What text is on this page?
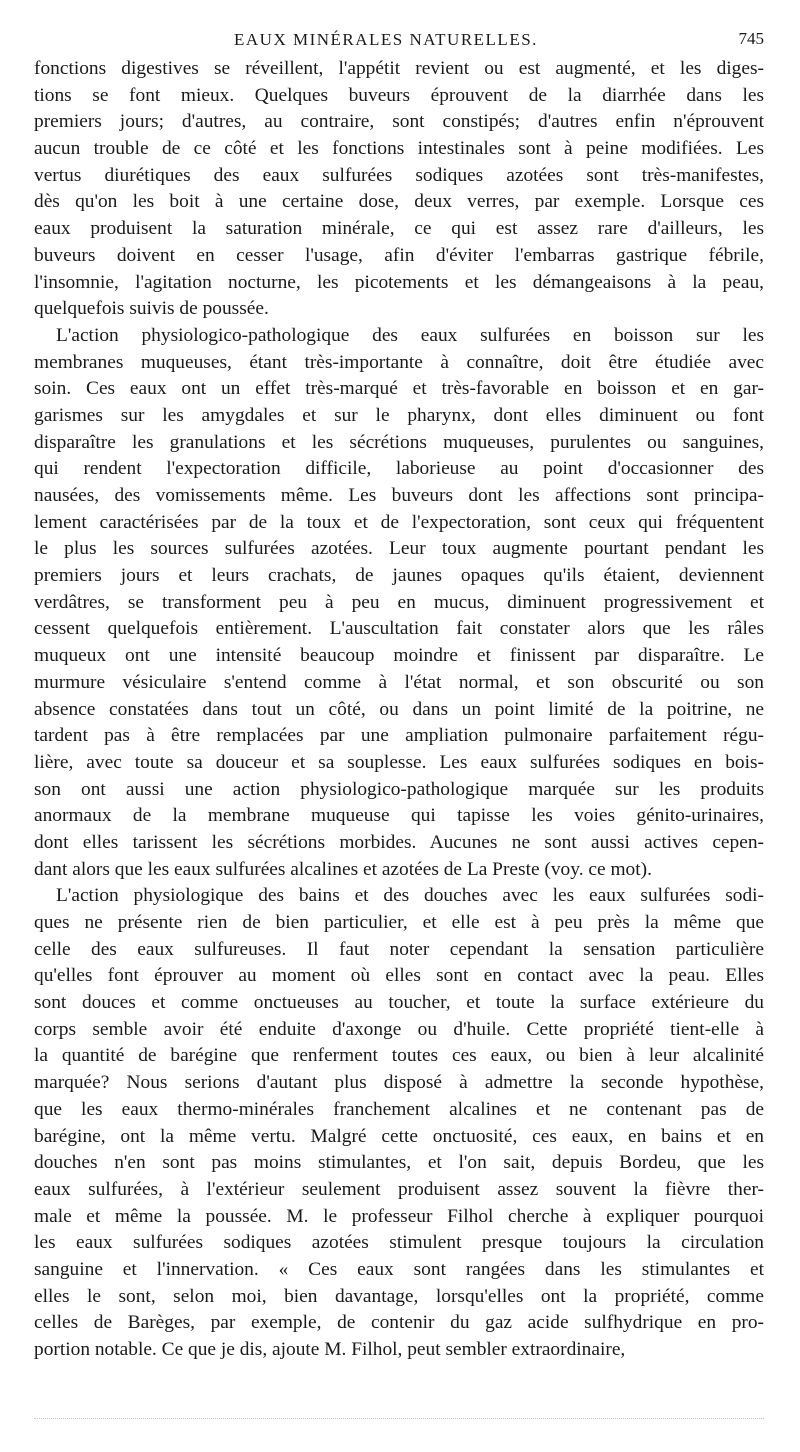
EAUX MINÉRALES NATURELLES.	745
fonctions digestives se réveillent, l'appétit revient ou est augmenté, et les diges-
tions se font mieux. Quelques buveurs éprouvent de la diarrhée dans les
premiers jours; d'autres, au contraire, sont constipés; d'autres enfin n'éprouvent
aucun trouble de ce côté et les fonctions intestinales sont à peine modifiées. Les
vertus diurétiques des eaux sulfurées sodiques azotées sont très-manifestes,
dès qu'on les boit à une certaine dose, deux verres, par exemple. Lorsque ces
eaux produisent la saturation minérale, ce qui est assez rare d'ailleurs, les
buveurs doivent en cesser l'usage, afin d'éviter l'embarras gastrique fébrile,
l'insomnie, l'agitation nocturne, les picotements et les démangeaisons à la peau,
quelquefois suivis de poussée.
L'action physiologico-pathologique des eaux sulfurées en boisson sur les
membranes muqueuses, étant très-importante à connaître, doit être étudiée avec
soin. Ces eaux ont un effet très-marqué et très-favorable en boisson et en gar-
garismes sur les amygdales et sur le pharynx, dont elles diminuent ou font
disparaître les granulations et les sécrétions muqueuses, purulentes ou sanguines,
qui rendent l'expectoration difficile, laborieuse au point d'occasionner des
nausées, des vomissements même. Les buveurs dont les affections sont principa-
lement caractérisées par de la toux et de l'expectoration, sont ceux qui fréquentent
le plus les sources sulfurées azotées. Leur toux augmente pourtant pendant les
premiers jours et leurs crachats, de jaunes opaques qu'ils étaient, deviennent
verdâtres, se transforment peu à peu en mucus, diminuent progressivement et
cessent quelquefois entièrement. L'auscultation fait constater alors que les râles
muqueux ont une intensité beaucoup moindre et finissent par disparaître. Le
murmure vésiculaire s'entend comme à l'état normal, et son obscurité ou son
absence constatées dans tout un côté, ou dans un point limité de la poitrine, ne
tardent pas à être remplacées par une ampliation pulmonaire parfaitement régu-
lière, avec toute sa douceur et sa souplesse. Les eaux sulfurées sodiques en bois-
son ont aussi une action physiologico-pathologique marquée sur les produits
anormaux de la membrane muqueuse qui tapisse les voies génito-urinaires,
dont elles tarissent les sécrétions morbides. Aucunes ne sont aussi actives cepen-
dant alors que les eaux sulfurées alcalines et azotées de La Preste (voy. ce mot).
L'action physiologique des bains et des douches avec les eaux sulfurées sodi-
ques ne présente rien de bien particulier, et elle est à peu près la même que
celle des eaux sulfureuses. Il faut noter cependant la sensation particulière
qu'elles font éprouver au moment où elles sont en contact avec la peau. Elles
sont douces et comme onctueuses au toucher, et toute la surface extérieure du
corps semble avoir été enduite d'axonge ou d'huile. Cette propriété tient-elle à
la quantité de barégine que renferment toutes ces eaux, ou bien à leur alcalinité
marquée? Nous serions d'autant plus disposé à admettre la seconde hypothèse,
que les eaux thermo-minérales franchement alcalines et ne contenant pas de
barégine, ont la même vertu. Malgré cette onctuosité, ces eaux, en bains et en
douches n'en sont pas moins stimulantes, et l'on sait, depuis Bordeu, que les
eaux sulfurées, à l'extérieur seulement produisent assez souvent la fièvre ther-
male et même la poussée. M. le professeur Filhol cherche à expliquer pourquoi
les eaux sulfurées sodiques azotées stimulent presque toujours la circulation
sanguine et l'innervation. « Ces eaux sont rangées dans les stimulantes et
elles le sont, selon moi, bien davantage, lorsqu'elles ont la propriété, comme
celles de Barèges, par exemple, de contenir du gaz acide sulfhydrique en pro-
portion notable. Ce que je dis, ajoute M. Filhol, peut sembler extraordinaire,
